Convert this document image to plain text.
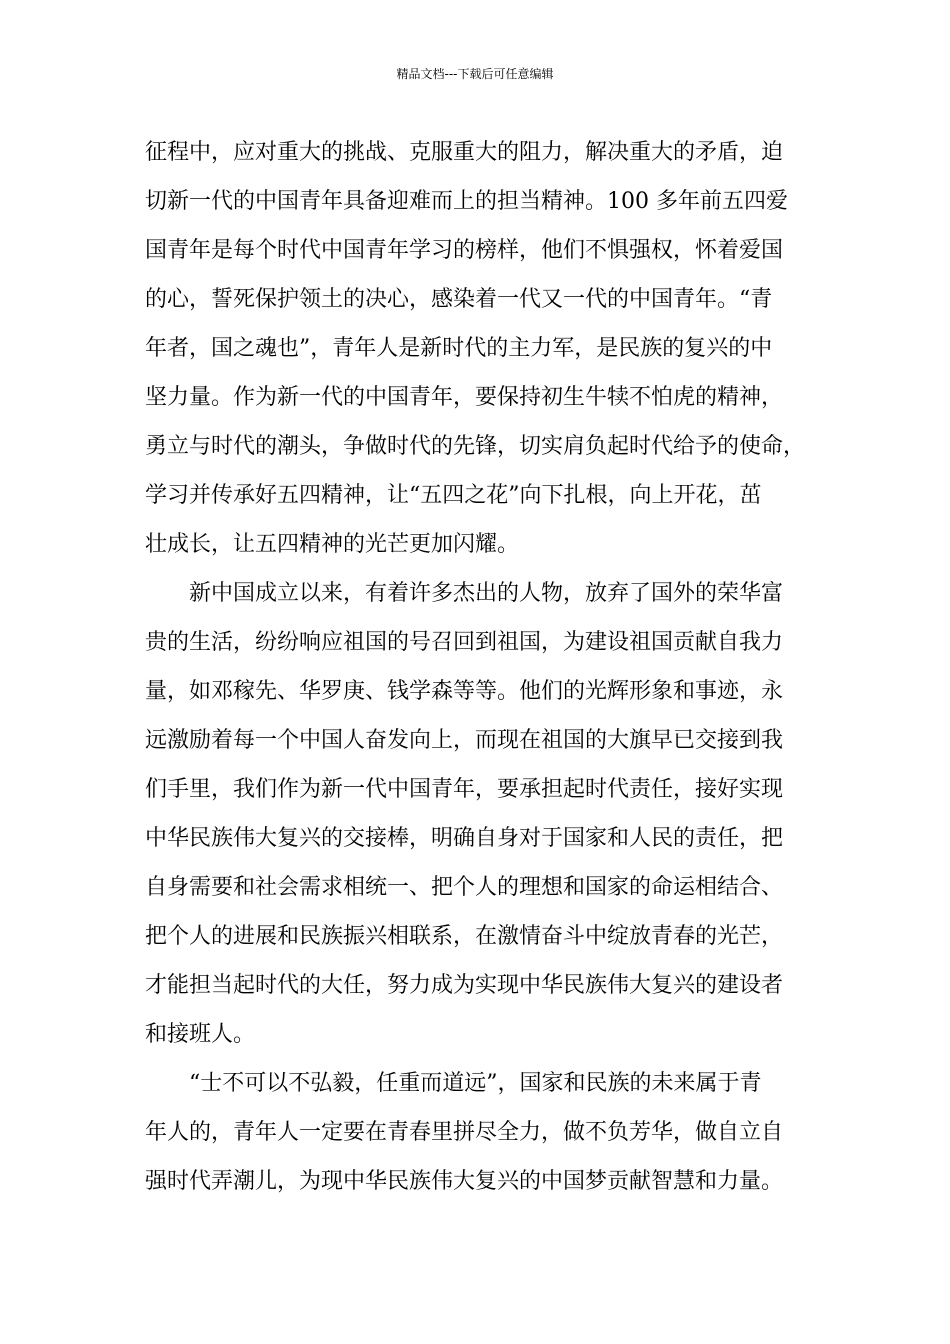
精品文档---下载后可任意编辑
征程中，应对重大的挑战、克服重大的阻力，解决重大的矛盾，迫
切新一代的中国青年具备迎难而上的担当精神。100 多年前五四爱
国青年是每个时代中国青年学习的榜样，他们不惧强权，怀着爱国
的心，誓死保护领土的决心，感染着一代又一代的中国青年。“青
年者，国之魂也”，青年人是新时代的主力军，是民族的复兴的中
坚力量。作为新一代的中国青年，要保持初生牛犊不怕虎的精神，
勇立与时代的潮头，争做时代的先锋，切实肩负起时代给予的使命，
学习并传承好五四精神，让“五四之花”向下扎根，向上开花，茁
壮成长，让五四精神的光芒更加闪耀。
新中国成立以来，有着许多杰出的人物，放弃了国外的荣华富
贵的生活，纷纷响应祖国的号召回到祖国，为建设祖国贡献自我力
量，如邓稼先、华罗庚、钱学森等等。他们的光辉形象和事迹，永
远激励着每一个中国人奋发向上，而现在祖国的大旗早已交接到我
们手里，我们作为新一代中国青年，要承担起时代责任，接好实现
中华民族伟大复兴的交接棒，明确自身对于国家和人民的责任，把
自身需要和社会需求相统一、把个人的理想和国家的命运相结合、
把个人的进展和民族振兴相联系，在激情奋斗中绽放青春的光芒，
才能担当起时代的大任，努力成为实现中华民族伟大复兴的建设者
和接班人。
“士不可以不弘毅，任重而道远”，国家和民族的未来属于青
年人的，青年人一定要在青春里拼尽全力，做不负芳华，做自立自
强时代弄潮儿，为现中华民族伟大复兴的中国梦贡献智慧和力量。
